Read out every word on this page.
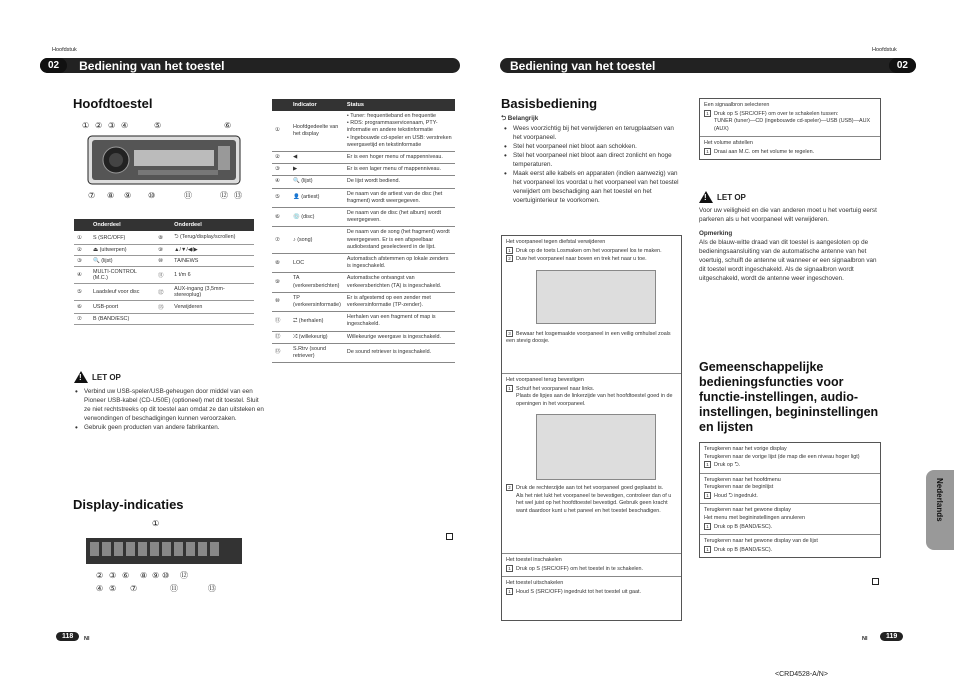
Hoofdstuk
02	Bediening van het toestel
Hoofdstuk
Bediening van het toestel	02
Hoofdtoestel
① ② ③ ④	⑤	⑥
⑦ ⑧ ⑨ ⑩	⑪	⑫ ⑬
	Onderdeel		Onderdeel
①	S (SRC/OFF)	⑧	⮌ (Terug/display/scrollen)
②	⏏ (uitwerpen)	⑨	▲/▼/◀/▶
③	🔍 (lijst)	⑩	TA/NEWS
④	MULTI-CONTROL (M.C.)	⑪	1 t/m 6
⑤	Laadsleuf voor disc	⑫	AUX-ingang (3,5mm-stereoplug)
⑥	USB-poort	⑬	Verwijderen
⑦	B (BAND/ESC)		
!
LET OP
• Verbind uw USB-speler/USB-geheugen door middel van een Pioneer USB-kabel (CD-U50E) (optioneel) met dit toestel. Sluit ze niet rechtstreeks op dit toestel aan omdat ze dan uitsteken en verwondingen of beschadigingen kunnen veroorzaken.
• Gebruik geen producten van andere fabrikanten.
Display-indicaties
①
② ③ ⑥ ⑧ ⑨ ⑩ ⑫
④ ⑤ ⑦	⑪	⑬
118	Nl
	Indicator	Status
①	Hoofdgedeelte van het display	• Tuner: frequentieband en frequentie
• RDS: programmaservicenaam, PTY-informatie en andere tekstinformatie
• Ingebouwde cd-speler en USB: verstreken weergavetijd en tekstinformatie
②	◀	Er is een hoger menu of mappenniveau.
③	▶	Er is een lager menu of mappenniveau.
④	🔍 (lijst)	De lijst wordt bediend.
⑤	👤 (artiest)	De naam van de artiest van de disc (het fragment) wordt weergegeven.
⑥	💿 (disc)	De naam van de disc (het album) wordt weergegeven.
⑦	♪ (song)	De naam van de song (het fragment) wordt weergegeven. Er is een afspeelbaar audiobestand geselecteerd in de lijst.
⑧	LOC	Automatisch afstemmen op lokale zenders is ingeschakeld.
⑨	TA (verkeersberichten)	Automatische ontvangst van verkeersberichten (TA) is ingeschakeld.
⑩	TP (verkeersinformatie)	Er is afgestemd op een zender met verkeersinformatie (TP-zender).
⑪	⮂ (herhalen)	Herhalen van een fragment of map is ingeschakeld.
⑫	⤮ (willekeurig)	Willekeurige weergave is ingeschakeld.
⑬	S.Rtrv (sound retriever)	De sound retriever is ingeschakeld.
Basisbediening
⮌ Belangrijk
• Wees voorzichtig bij het verwijderen en terugplaatsen van het voorpaneel.
• Stel het voorpaneel niet bloot aan schokken.
• Stel het voorpaneel niet bloot aan direct zonlicht en hoge temperaturen.
• Maak eerst alle kabels en apparaten (indien aanwezig) van het voorpaneel los voordat u het voorpaneel van het toestel verwijdert om beschadiging aan het toestel en het voertuiginterieur te voorkomen.
Het voorpaneel tegen diefstal verwijderen
1 Druk op de toets Losmaken om het voorpaneel los te maken.
2 Duw het voorpaneel naar boven en trek het naar u toe.
3 Bewaar het losgemaakte voorpaneel in een veilig omhulsel zoals een stevig doosje.
Het voorpaneel terug bevestigen
1 Schuif het voorpaneel naar links.
Plaats de lipjes aan de linkerzijde van het hoofdtoestel goed in de openingen in het voorpaneel.
2 Druk de rechterzijde aan tot het voorpaneel goed geplaatst is.
Als het niet lukt het voorpaneel te bevestigen, controleer dan of u het wel juist op het hoofdtoestel bevestigd. Gebruik geen kracht want daardoor kunt u het paneel en het toestel beschadigen.
Het toestel inschakelen
1 Druk op S (SRC/OFF) om het toestel in te schakelen.
Het toestel uitschakelen
1 Houd S (SRC/OFF) ingedrukt tot het toestel uit gaat.
Een signaalbron selecteren
1 Druk op S (SRC/OFF) om over te schakelen tussen:
TUNER (tuner)—CD (ingebouwde cd-speler)—USB (USB)—AUX (AUX)
Het volume afstellen
1 Draai aan M.C. om het volume te regelen.
!
LET OP
Voor uw veiligheid en die van anderen moet u het voertuig eerst parkeren als u het voorpaneel wilt verwijderen.
Opmerking
Als de blauw-witte draad van dit toestel is aangesloten op de bedieningsaansluiting van de automatische antenne van het voertuig, schuift de antenne uit wanneer er een signaalbron van dit toestel wordt ingeschakeld. Als de signaalbron wordt uitgeschakeld, wordt de antenne weer ingeschoven.
Gemeenschappelijke bedieningsfuncties voor functie-instellingen, audio-instellingen, begininstellingen en lijsten
Terugkeren naar het vorige display
Terugkeren naar de vorige lijst (de map die een niveau hoger ligt)
1 Druk op ⮌.
Terugkeren naar het hoofdmenu
Terugkeren naar de beginlijst
1 Houd ⮌ ingedrukt.
Terugkeren naar het gewone display
Het menu met begininstellingen annuleren
1 Druk op B (BAND/ESC).
Terugkeren naar het gewone display van de lijst
1 Druk op B (BAND/ESC).
Nederlands
Nl	119
<CRD4528-A/N>
